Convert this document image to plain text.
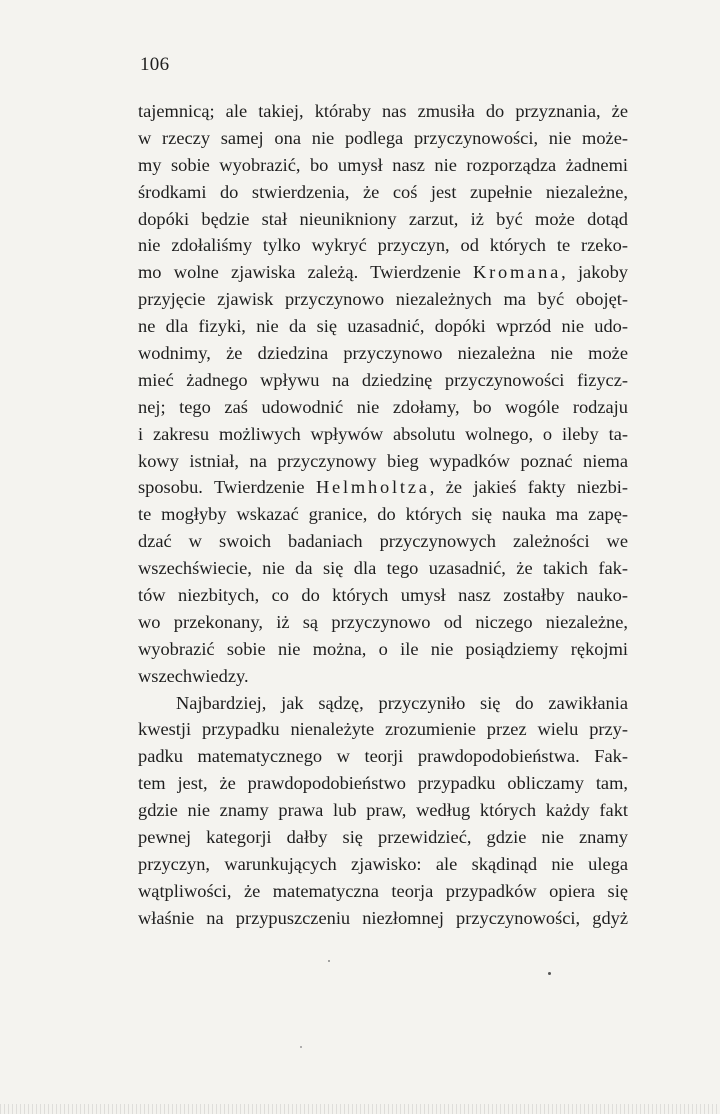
106
tajemnicą; ale takiej, któraby nas zmusiła do przyznania, że
w rzeczy samej ona nie podlega przyczynowości, nie może-
my sobie wyobrazić, bo umysł nasz nie rozporządza żadnemi
środkami do stwierdzenia, że coś jest zupełnie niezależne,
dopóki będzie stał nieunikniony zarzut, iż być może dotąd
nie zdołaliśmy tylko wykryć przyczyn, od których te rzeko-
mo wolne zjawiska zależą. Twierdzenie Kromana, jakoby
przyjęcie zjawisk przyczynowo niezależnych ma być obojęt-
ne dla fizyki, nie da się uzasadnić, dopóki wprzód nie udo-
wodnimy, że dziedzina przyczynowo niezależna nie może
mieć żadnego wpływu na dziedzinę przyczynowości fizycz-
nej; tego zaś udowodnić nie zdołamy, bo wogóle rodzaju
i zakresu możliwych wpływów absolutu wolnego, o ileby ta-
kowy istniał, na przyczynowy bieg wypadków poznać niema
sposobu. Twierdzenie Helmholtza, że jakieś fakty niezbi-
te mogłyby wskazać granice, do których się nauka ma zapę-
dzać w swoich badaniach przyczynowych zależności we
wszechświecie, nie da się dla tego uzasadnić, że takich fak-
tów niezbitych, co do których umysł nasz zostałby nauko-
wo przekonany, iż są przyczynowo od niczego niezależne,
wyobrazić sobie nie można, o ile nie posiądziemy rękojmi
wszechwiedzy.
Najbardziej, jak sądzę, przyczyniło się do zawikłania
kwestji przypadku nienależyte zrozumienie przez wielu przy-
padku matematycznego w teorji prawdopodobieństwa. Fak-
tem jest, że prawdopodobieństwo przypadku obliczamy tam,
gdzie nie znamy prawa lub praw, według których każdy fakt
pewnej kategorji dałby się przewidzieć, gdzie nie znamy
przyczyn, warunkujących zjawisko: ale skądinąd nie ulega
wątpliwości, że matematyczna teorja przypadków opiera się
właśnie na przypuszczeniu niezłomnej przyczynowości, gdyż
